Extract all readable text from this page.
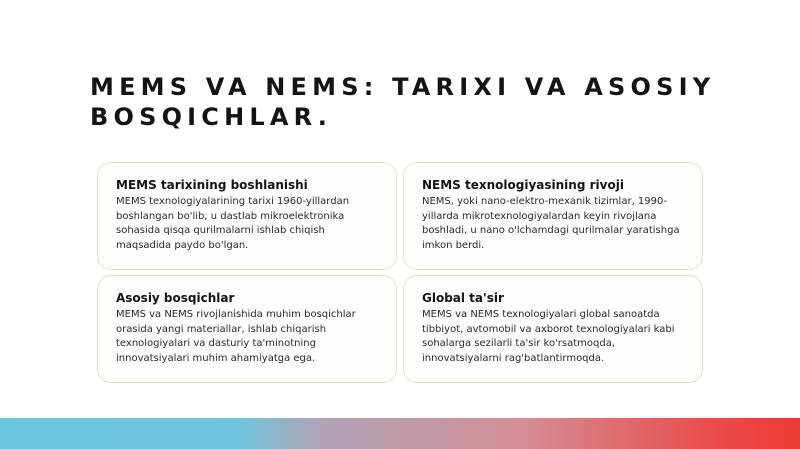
MEMS VA NEMS: TARIXI VA ASOSIY BOSQICHLAR.
MEMS tarixining boshlanishi

MEMS texnologiyalarining tarixi 1960-yillardan boshlangan bo'lib, u dastlab mikroelektronika sohasida qisqa qurilmalarni ishlab chiqish maqsadida paydo bo'lgan.

NEMS texnologiyasining rivoji

NEMS, yoki nano-elektro-mexanik tizimlar, 1990-yillarda mikrotexnologiyalardan keyin rivojlana boshladi, u nano o'lchamdagi qurilmalar yaratishga imkon berdi.

Asosiy bosqichlar

MEMS va NEMS rivojlanishida muhim bosqichlar orasida yangi materiallar, ishlab chiqarish texnologiyalari va dasturiy ta'minotning innovatsiyalari muhim ahamiyatga ega.

Global ta'sir

MEMS va NEMS texnologiyalari global sanoatda tibbiyot, avtomobil va axborot texnologiyalari kabi sohalarga sezilarli ta'sir ko'rsatmoqda, innovatsiyalarni rag'batlantirmoqda.
